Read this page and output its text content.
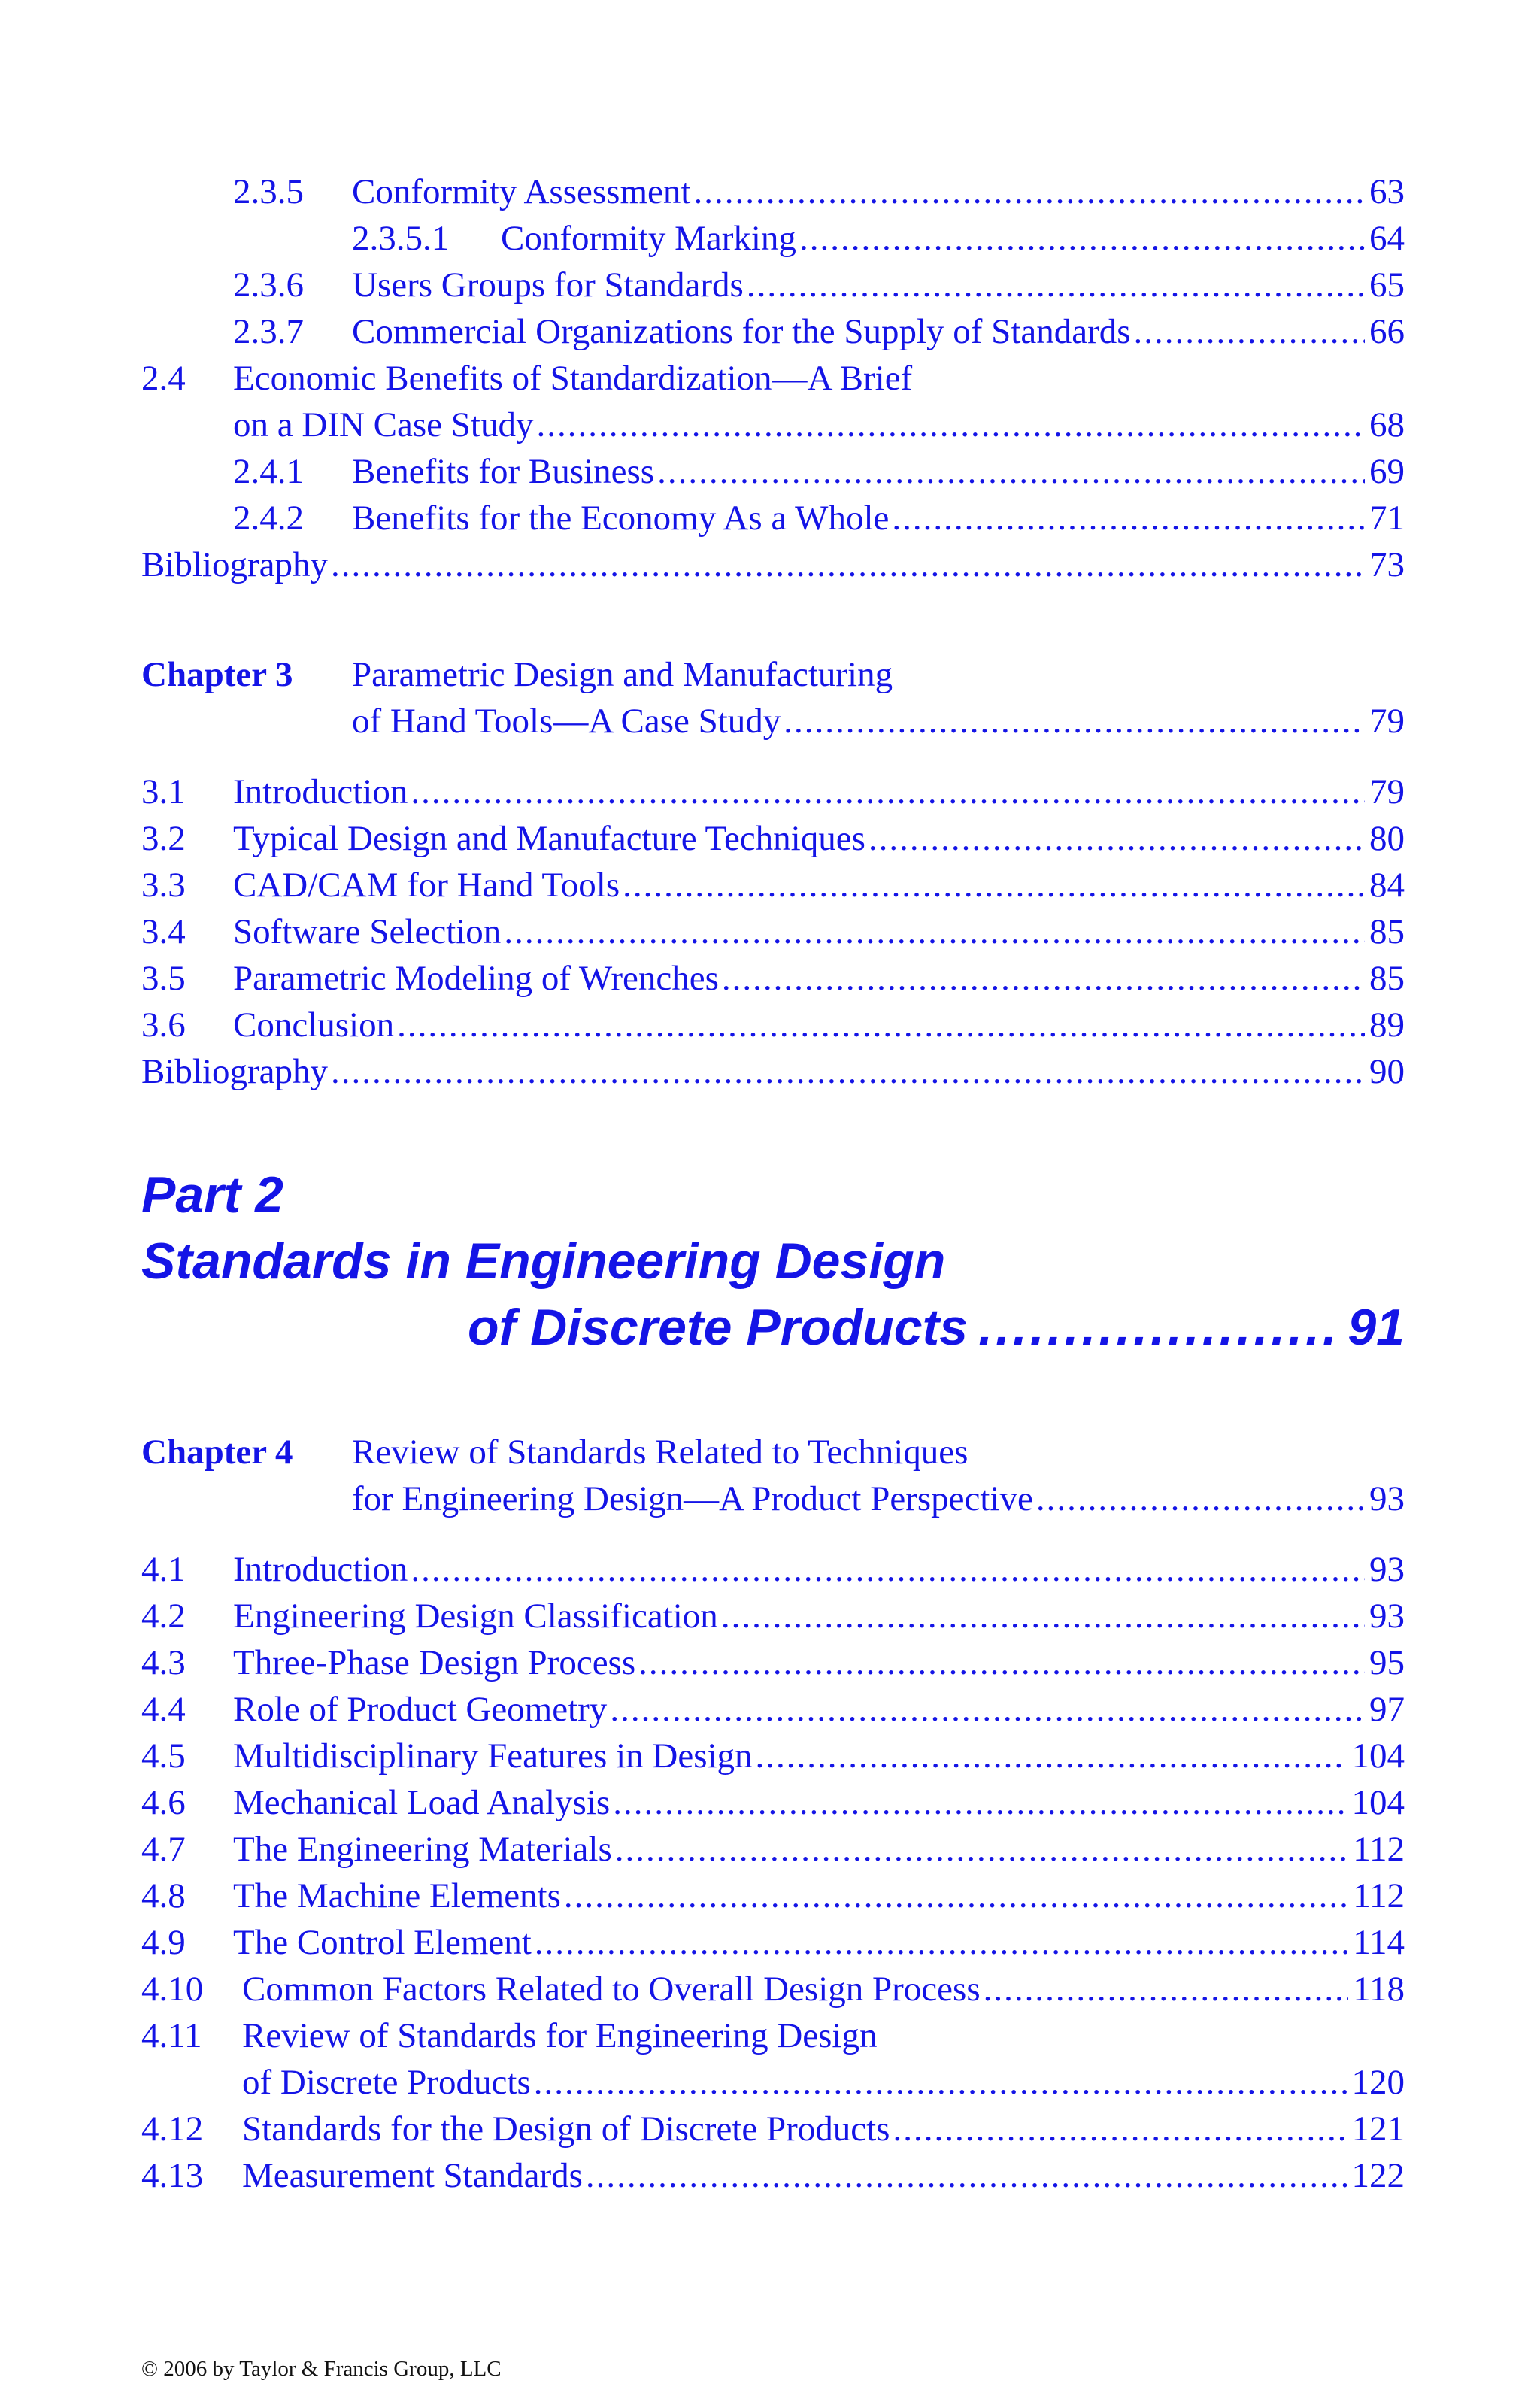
2.3.5	Conformity Assessment .....	63
2.3.5.1	Conformity Marking .....	64
2.3.6	Users Groups for Standards .....	65
2.3.7	Commercial Organizations for the Supply of Standards .....	66
2.4 Economic Benefits of Standardization—A Brief
on a DIN Case Study .....	68
2.4.1	Benefits for Business .....	69
2.4.2	Benefits for the Economy As a Whole .....	71
Bibliography .....	73
Chapter 3 Parametric Design and Manufacturing
of Hand Tools—A Case Study .....	79
3.1	Introduction .....	79
3.2	Typical Design and Manufacture Techniques .....	80
3.3	CAD/CAM for Hand Tools .....	84
3.4	Software Selection .....	85
3.5	Parametric Modeling of Wrenches .....	85
3.6	Conclusion .....	89
Bibliography .....	90
Part 2
Standards in Engineering Design
of Discrete Products .....	91
Chapter 4 Review of Standards Related to Techniques
for Engineering Design—A Product Perspective .....	93
4.1	Introduction .....	93
4.2	Engineering Design Classification .....	93
4.3	Three-Phase Design Process .....	95
4.4	Role of Product Geometry .....	97
4.5	Multidisciplinary Features in Design .....	104
4.6	Mechanical Load Analysis .....	104
4.7	The Engineering Materials .....	112
4.8	The Machine Elements .....	112
4.9	The Control Element .....	114
4.10	Common Factors Related to Overall Design Process .....	118
4.11 Review of Standards for Engineering Design
of Discrete Products .....	120
4.12	Standards for the Design of Discrete Products .....	121
4.13	Measurement Standards .....	122
© 2006 by Taylor & Francis Group, LLC
